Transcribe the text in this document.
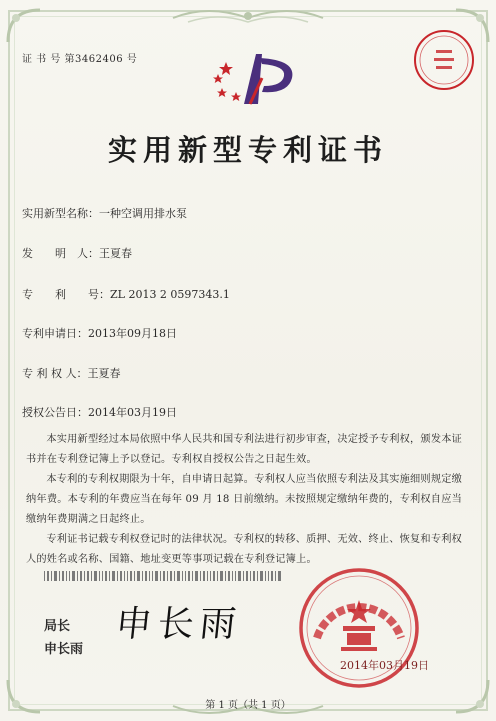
证 书 号 第3462406 号
实用新型专利证书
实用新型名称：一种空调用排水泵
发　　明　人：王夏春
专　　利　　号：ZL 2013 2 0597343.1
专利申请日：2013年09月18日
专 利 权 人：王夏春
授权公告日：2014年03月19日
本实用新型经过本局依照中华人民共和国专利法进行初步审查，决定授予专利权，颁发本证书并在专利登记簿上予以登记。专利权自授权公告之日起生效。
本专利的专利权期限为十年，自申请日起算。专利权人应当依照专利法及其实施细则规定缴纳年费。本专利的年费应当在每年 09 月 18 日前缴纳。未按照规定缴纳年费的，专利权自应当缴纳年费期满之日起终止。
专利证书记载专利权登记时的法律状况。专利权的转移、质押、无效、终止、恢复和专利权人的姓名或名称、国籍、地址变更等事项记载在专利登记簿上。
局长
申长雨
申长雨
2014年03月19日
第 1 页（共 1 页）
